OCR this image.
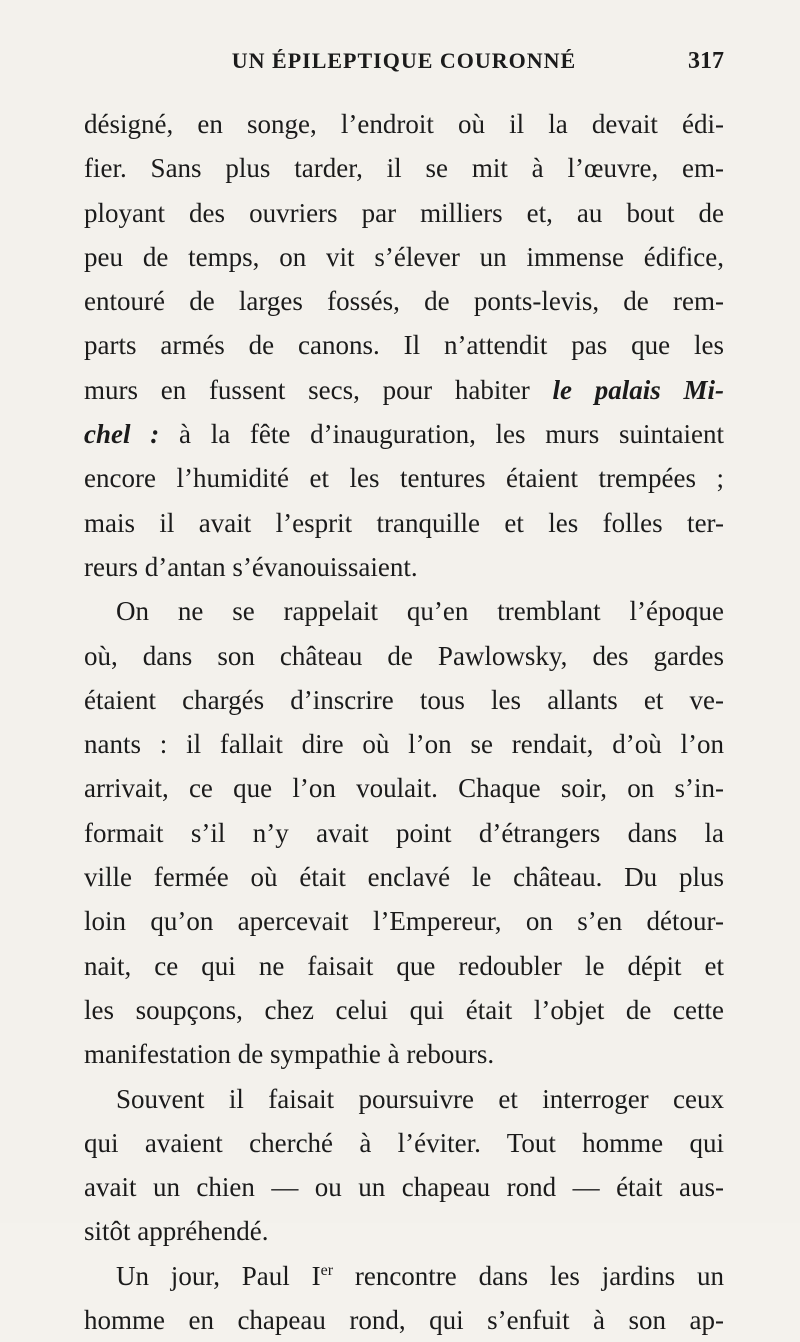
UN ÉPILEPTIQUE COURONNÉ	317
désigné, en songe, l’endroit où il la devait édi-
fier. Sans plus tarder, il se mit à l’œuvre, em-
ployant des ouvriers par milliers et, au bout de
peu de temps, on vit s’élever un immense édifice,
entouré de larges fossés, de ponts-levis, de rem-
parts armés de canons. Il n’attendit pas que les
murs en fussent secs, pour habiter le palais Mi-
chel : à la fête d’inauguration, les murs suintaient
encore l’humidité et les tentures étaient trempées ;
mais il avait l’esprit tranquille et les folles ter-
reurs d’antan s’évanouissaient.
On ne se rappelait qu’en tremblant l’époque
où, dans son château de Pawlowsky, des gardes
étaient chargés d’inscrire tous les allants et ve-
nants : il fallait dire où l’on se rendait, d’où l’on
arrivait, ce que l’on voulait. Chaque soir, on s’in-
formait s’il n’y avait point d’étrangers dans la
ville fermée où était enclavé le château. Du plus
loin qu’on apercevait l’Empereur, on s’en détour-
nait, ce qui ne faisait que redoubler le dépit et
les soupçons, chez celui qui était l’objet de cette
manifestation de sympathie à rebours.
Souvent il faisait poursuivre et interroger ceux
qui avaient cherché à l’éviter. Tout homme qui
avait un chien — ou un chapeau rond — était aus-
sitôt appréhendé.
Un jour, Paul Ier rencontre dans les jardins un
homme en chapeau rond, qui s’enfuit à son ap-
